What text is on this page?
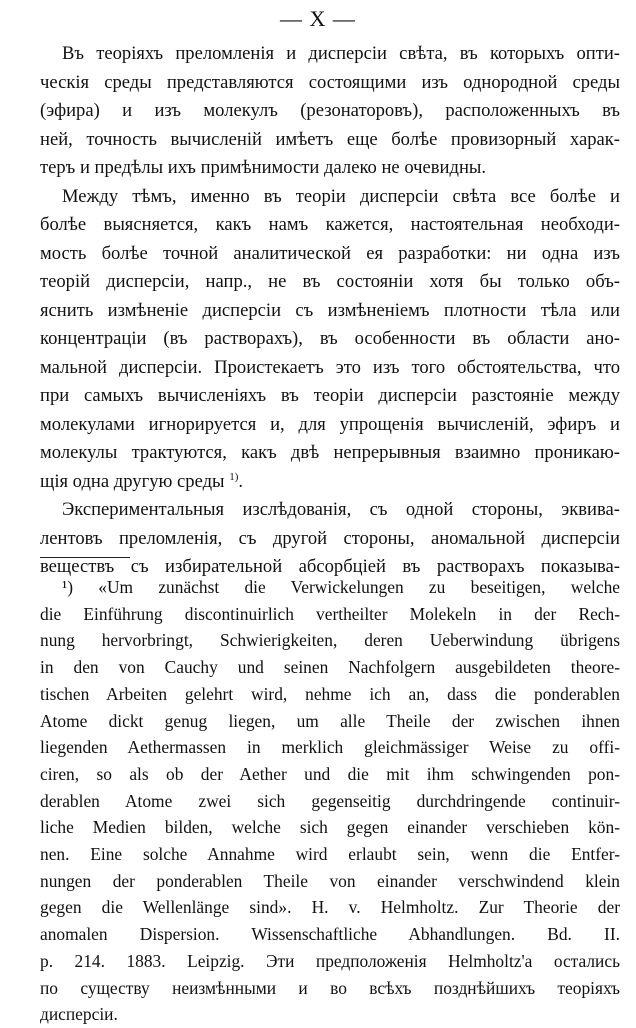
— X —
Въ теоріяхъ преломленія и дисперсіи свѣта, въ которыхъ опти-
ческія среды представляются состоящими изъ однородной среды
(эфира) и изъ молекулъ (резонаторовъ), расположенныхъ въ
ней, точность вычисленій имѣетъ еще болѣе провизорный харак-
теръ и предѣлы ихъ примѣнимости далеко не очевидны.
Между тѣмъ, именно въ теоріи дисперсіи свѣта все болѣе и
болѣе выясняется, какъ намъ кажется, настоятельная необходи-
мость болѣе точной аналитической ея разработки: ни одна изъ
теорій дисперсіи, напр., не въ состояніи хотя бы только объ-
яснить измѣненіе дисперсіи съ измѣненіемъ плотности тѣла или
концентраціи (въ растворахъ), въ особенности въ области ано-
мальной дисперсіи. Проистекаетъ это изъ того обстоятельства, что
при самыхъ вычисленіяхъ въ теоріи дисперсіи разстояніе между
молекулами игнорируется и, для упрощенія вычисленій, эфиръ и
молекулы трактуются, какъ двѣ непрерывныя взаимно проникаю-
щія одна другую среды $^{1)}$.
Экспериментальныя изслѣдованія, съ одной стороны, эквива-
лентовъ преломленія, съ другой стороны, аномальной дисперсіи
веществъ съ избирательной абсорбціей въ растворахъ показыва-
¹) «Um zunächst die Verwickelungen zu beseitigen, welche
die Einführung discontinuirlich vertheilter Molekeln in der Rech-
nung hervorbringt, Schwierigkeiten, deren Ueberwindung übrigens
in den von Cauchy und seinen Nachfolgern ausgebildeten theore-
tischen Arbeiten gelehrt wird, nehme ich an, dass die ponderablen
Atome dickt genug liegen, um alle Theile der zwischen ihnen
liegenden Aethermassen in merklich gleichmässiger Weise zu offi-
ciren, so als ob der Aether und die mit ihm schwingenden pon-
derablen Atome zwei sich gegenseitig durchdringende continuir-
liche Medien bilden, welche sich gegen einander verschieben kön-
nen. Eine solche Annahme wird erlaubt sein, wenn die Entfer-
nungen der ponderablen Theile von einander verschwindend klein
gegen die Wellenlänge sind». H. v. Helmholtz. Zur Theorie der
anomalen Dispersion. Wissenschaftliche Abhandlungen. Bd. II.
p. 214. 1883. Leipzig. Эти предположенія Helmholtz'а остались
по существу неизмѣнными и во всѣхъ позднѣйшихъ теоріяхъ
дисперсіи.
